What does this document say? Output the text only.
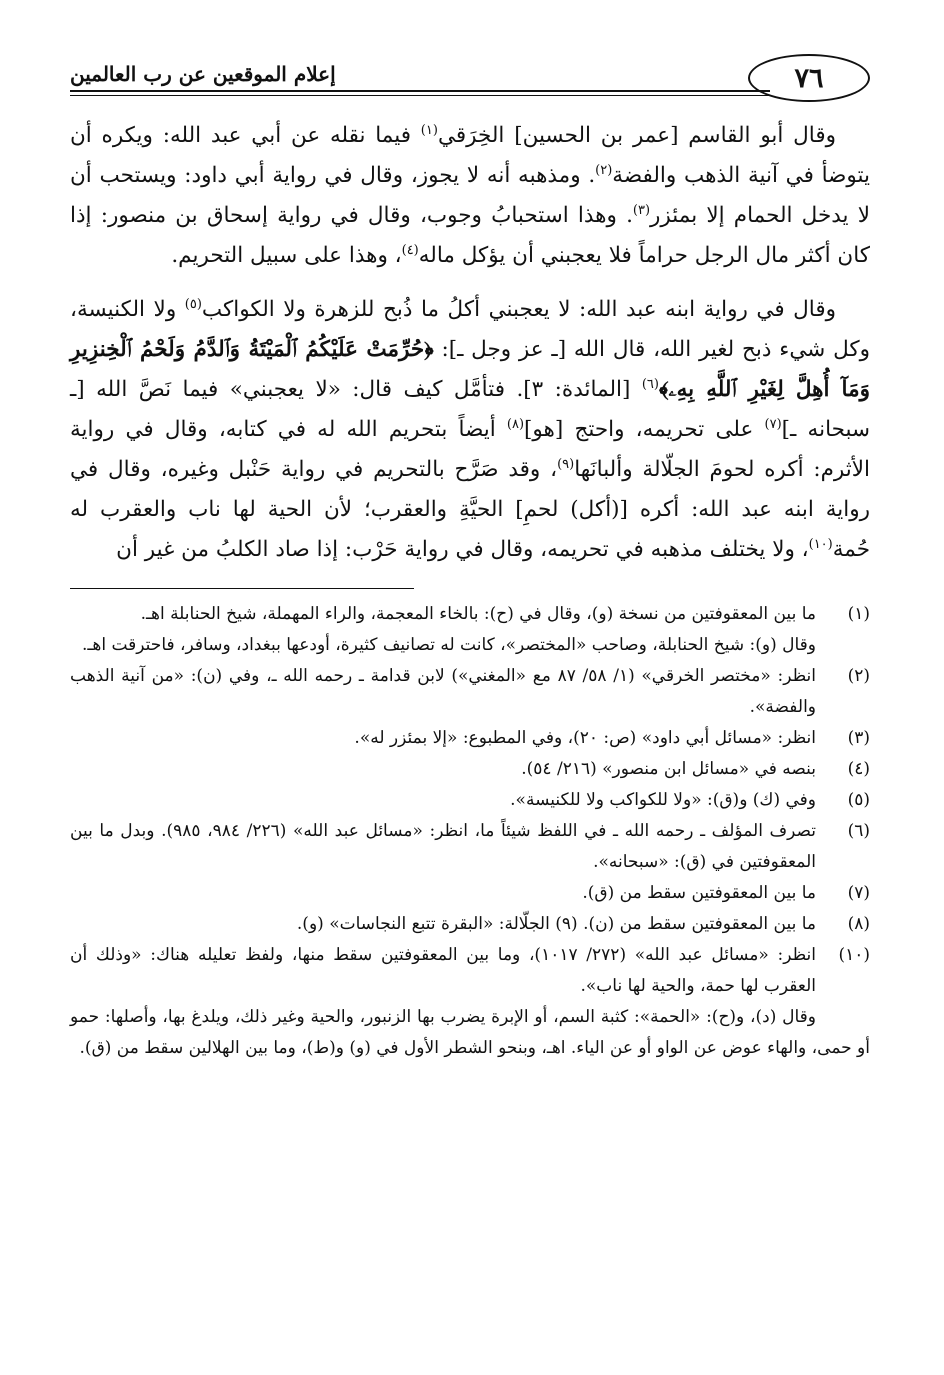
٧٦
إعلام الموقعين عن رب العالمين

وقال أبو القاسم [عمر بن الحسين] الخِرَقي$^{(١)}$ فيما نقله عن أبي عبد الله: ويكره أن يتوضأ في آنية الذهب والفضة$^{(٢)}$. ومذهبه أنه لا يجوز، وقال في رواية أبي داود: ويستحب أن لا يدخل الحمام إلا بمئزر$^{(٣)}$. وهذا استحبابُ وجوب، وقال في رواية إسحاق بن منصور: إذا كان أكثر مال الرجل حراماً فلا يعجبني أن يؤكل ماله$^{(٤)}$، وهذا على سبيل التحريم.

وقال في رواية ابنه عبد الله: لا يعجبني أكلُ ما ذُبح للزهرة ولا الكواكب$^{(٥)}$ ولا الكنيسة، وكل شيء ذبح لغير الله، قال الله [ـ عز وجل ـ]: ﴿حُرِّمَتْ عَلَيْكُمُ ٱلْمَيْتَةُ وَٱلدَّمُ وَلَحْمُ ٱلْخِنزِيرِ وَمَآ أُهِلَّ لِغَيْرِ ٱللَّهِ بِهِۦ﴾$^{(٦)}$ [المائدة: ٣]. فتأمَّل كيف قال: «لا يعجبني» فيما نَصَّ الله [ـ سبحانه ـ]$^{(٧)}$ على تحريمه، واحتج [هو]$^{(٨)}$ أيضاً بتحريم الله له في كتابه، وقال في رواية الأثرم: أكره لحومَ الجلّالة وألبانَها$^{(٩)}$، وقد صَرَّح بالتحريم في رواية حَنْبل وغيره، وقال في رواية ابنه عبد الله: أكره [(أكل) لحمِ] الحيَّةِ والعقرب؛ لأن الحية لها ناب والعقرب له حُمة$^{(١٠)}$، ولا يختلف مذهبه في تحريمه، وقال في رواية حَرْب: إذا صاد الكلبُ من غير أن

(١)
ما بين المعقوفتين من نسخة (و)، وقال في (ح): بالخاء المعجمة، والراء المهملة، شيخ الحنابلة اهـ.
وقال (و): شيخ الحنابلة، وصاحب «المختصر»، كانت له تصانيف كثيرة، أودعها ببغداد، وسافر، فاحترقت اهـ.
(٢)
انظر: «مختصر الخرقي» (١/ ٥٨/ ٨٧ مع «المغني») لابن قدامة ـ رحمه الله ـ، وفي (ن): «من آنية الذهب والفضة».
(٣)
انظر: «مسائل أبي داود» (ص: ٢٠)، وفي المطبوع: «إلا بمئزر له».
(٤)
بنصه في «مسائل ابن منصور» (٢١٦/ ٥٤).
(٥)
وفي (ك) و(ق): «ولا للكواكب ولا للكنيسة».
(٦)
تصرف المؤلف ـ رحمه الله ـ في اللفظ شيئاً ما، انظر: «مسائل عبد الله» (٢٢٦/ ٩٨٤، ٩٨٥). وبدل ما بين المعقوفتين في (ق): «سبحانه».
(٧)
ما بين المعقوفتين سقط من (ق).
(٨)
ما بين المعقوفتين سقط من (ن). (٩) الجلّالة: «البقرة تتبع النجاسات» (و).
(١٠)
انظر: «مسائل عبد الله» (٢٧٢/ ١٠١٧)، وما بين المعقوفتين سقط منها، ولفظ تعليله هناك: «وذلك أن العقرب لها حمة، والحية لها ناب».
وقال (د)، و(ح): «الحمة»: كثبة السم، أو الإبرة يضرب بها الزنبور، والحية وغير ذلك، ويلدغ بها، وأصلها: حمو أو حمى، والهاء عوض عن الواو أو عن الياء. اهـ، وبنحو الشطر الأول في (و) و(ط)، وما بين الهلالين سقط من (ق).
